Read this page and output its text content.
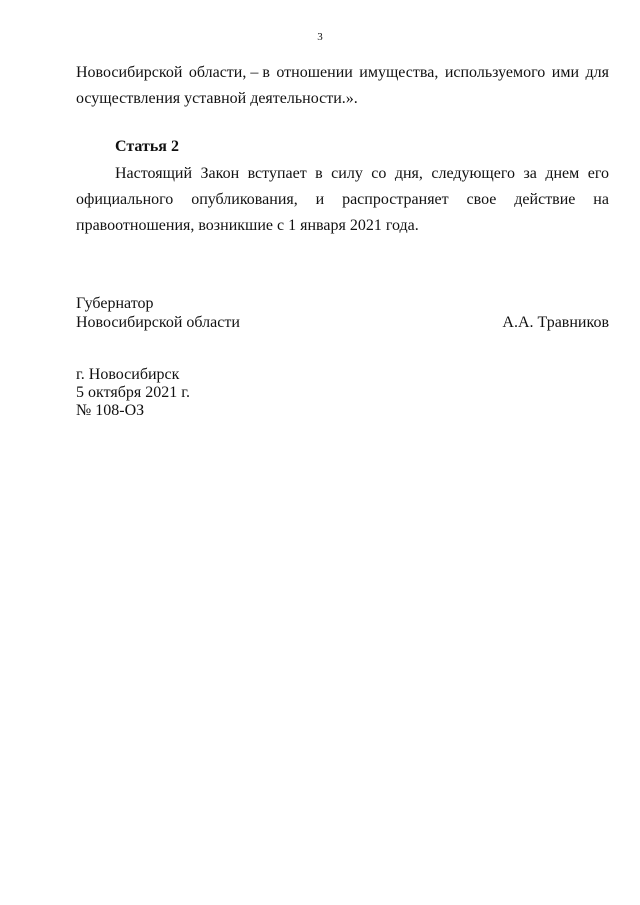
3
Новосибирской области, – в отношении имущества, используемого ими для
осуществления уставной деятельности.».
Статья 2
Настоящий Закон вступает в силу со дня, следующего за днем его
официального опубликования, и распространяет свое действие на
правоотношения, возникшие с 1 января 2021 года.
Губернатор
Новосибирской области	А.А. Травников
г. Новосибирск
5 октября 2021 г.
№ 108-ОЗ
